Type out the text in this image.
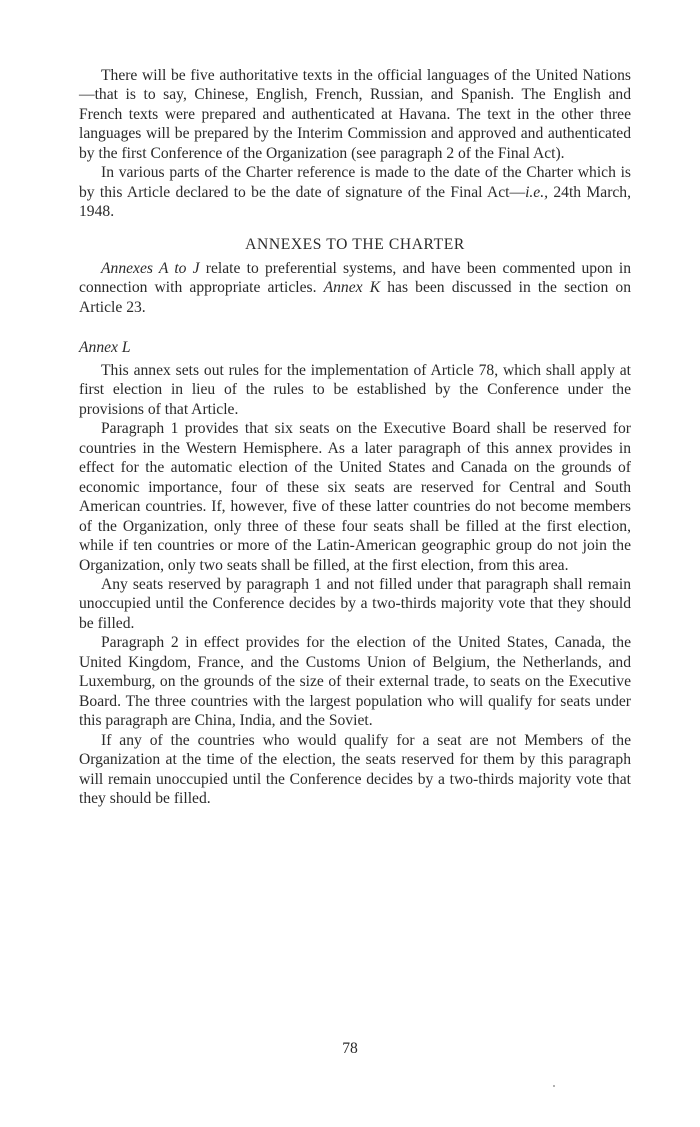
There will be five authoritative texts in the official languages of the United Nations—that is to say, Chinese, English, French, Russian, and Spanish. The English and French texts were prepared and authenticated at Havana. The text in the other three languages will be prepared by the Interim Commission and approved and authenticated by the first Conference of the Organization (see paragraph 2 of the Final Act).

In various parts of the Charter reference is made to the date of the Charter which is by this Article declared to be the date of signature of the Final Act—i.e., 24th March, 1948.

ANNEXES TO THE CHARTER

Annexes A to J relate to preferential systems, and have been commented upon in connection with appropriate articles. Annex K has been discussed in the section on Article 23.

Annex L

This annex sets out rules for the implementation of Article 78, which shall apply at first election in lieu of the rules to be established by the Conference under the provisions of that Article.

Paragraph 1 provides that six seats on the Executive Board shall be reserved for countries in the Western Hemisphere. As a later paragraph of this annex provides in effect for the automatic election of the United States and Canada on the grounds of economic importance, four of these six seats are reserved for Central and South American countries. If, however, five of these latter countries do not become members of the Organization, only three of these four seats shall be filled at the first election, while if ten countries or more of the Latin-American geographic group do not join the Organization, only two seats shall be filled, at the first election, from this area.

Any seats reserved by paragraph 1 and not filled under that paragraph shall remain unoccupied until the Conference decides by a two-thirds majority vote that they should be filled.

Paragraph 2 in effect provides for the election of the United States, Canada, the United Kingdom, France, and the Customs Union of Belgium, the Netherlands, and Luxemburg, on the grounds of the size of their external trade, to seats on the Executive Board. The three countries with the largest population who will qualify for seats under this paragraph are China, India, and the Soviet.

If any of the countries who would qualify for a seat are not Members of the Organization at the time of the election, the seats reserved for them by this paragraph will remain unoccupied until the Conference decides by a two-thirds majority vote that they should be filled.

78
